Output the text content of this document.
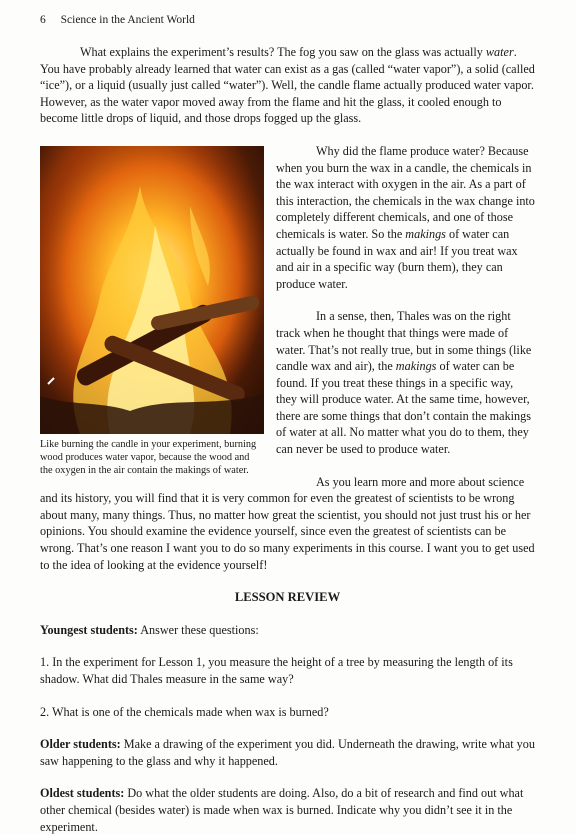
6 Science in the Ancient World

What explains the experiment’s results? The fog you saw on the glass was actually water. You have probably already learned that water can exist as a gas (called “water vapor”), a solid (called “ice”), or a liquid (usually just called “water”). Well, the candle flame actually produced water vapor. However, as the water vapor moved away from the flame and hit the glass, it cooled enough to become little drops of liquid, and those drops fogged up the glass.

Like burning the candle in your experiment, burning wood produces water vapor, because the wood and the oxygen in the air contain the makings of water.

Why did the flame produce water? Because when you burn the wax in a candle, the chemicals in the wax interact with oxygen in the air. As a part of this interaction, the chemicals in the wax change into completely different chemicals, and one of those chemicals is water. So the makings of water can actually be found in wax and air! If you treat wax and air in a specific way (burn them), they can produce water.

In a sense, then, Thales was on the right track when he thought that things were made of water. That’s not really true, but in some things (like candle wax and air), the makings of water can be found. If you treat these things in a specific way, they will produce water. At the same time, however, there are some things that don’t contain the makings of water at all. No matter what you do to them, they can never be used to produce water.

As you learn more and more about science and its history, you will find that it is very common for even the greatest of scientists to be wrong about many, many things. Thus, no matter how great the scientist, you should not just trust his or her opinions. You should examine the evidence yourself, since even the greatest of scientists can be wrong. That’s one reason I want you to do so many experiments in this course. I want you to get used to the idea of looking at the evidence yourself!

LESSON REVIEW

Youngest students: Answer these questions:

1. In the experiment for Lesson 1, you measure the height of a tree by measuring the length of its shadow. What did Thales measure in the same way?

2. What is one of the chemicals made when wax is burned?

Older students: Make a drawing of the experiment you did. Underneath the drawing, write what you saw happening to the glass and why it happened.

Oldest students: Do what the older students are doing. Also, do a bit of research and find out what other chemical (besides water) is made when wax is burned. Indicate why you didn’t see it in the experiment.
